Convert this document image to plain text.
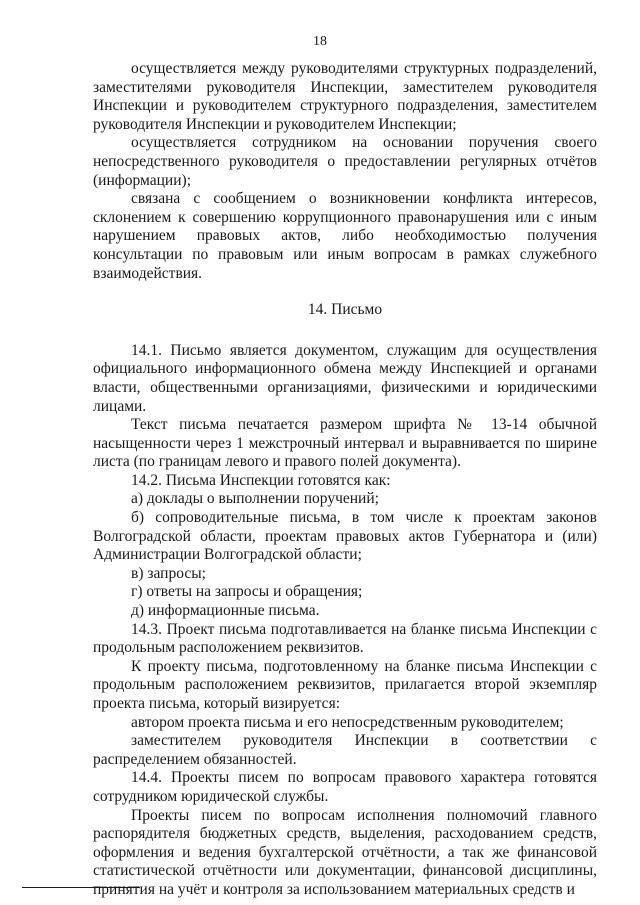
18

осуществляется между руководителями структурных подразделений, заместителями руководителя Инспекции, заместителем руководителя Инспекции и руководителем структурного подразделения, заместителем руководителя Инспекции и руководителем Инспекции;

осуществляется сотрудником на основании поручения своего непосредственного руководителя о предоставлении регулярных отчётов (информации);

связана с сообщением о возникновении конфликта интересов, склонением к совершению коррупционного правонарушения или с иным нарушением правовых актов, либо необходимостью получения консультации по правовым или иным вопросам в рамках служебного взаимодействия.

14. Письмо

14.1. Письмо является документом, служащим для осуществления официального информационного обмена между Инспекцией и органами власти, общественными организациями, физическими и юридическими лицами.

Текст письма печатается размером шрифта № 13-14 обычной насыщенности через 1 межстрочный интервал и выравнивается по ширине листа (по границам левого и правого полей документа).

14.2. Письма Инспекции готовятся как:

а) доклады о выполнении поручений;

б) сопроводительные письма, в том числе к проектам законов Волгоградской области, проектам правовых актов Губернатора и (или) Администрации Волгоградской области;

в) запросы;

г) ответы на запросы и обращения;

д) информационные письма.

14.3. Проект письма подготавливается на бланке письма Инспекции с продольным расположением реквизитов.

К проекту письма, подготовленному на бланке письма Инспекции с продольным расположением реквизитов, прилагается второй экземпляр проекта письма, который визируется:

автором проекта письма и его непосредственным руководителем;

заместителем руководителя Инспекции в соответствии с распределением обязанностей.

14.4. Проекты писем по вопросам правового характера готовятся сотрудником юридической службы.

Проекты писем по вопросам исполнения полномочий главного распорядителя бюджетных средств, выделения, расходованием средств, оформления и ведения бухгалтерской отчётности, а так же финансовой статистической отчётности или документации, финансовой дисциплины, принятия на учёт и контроля за использованием материальных средств и
